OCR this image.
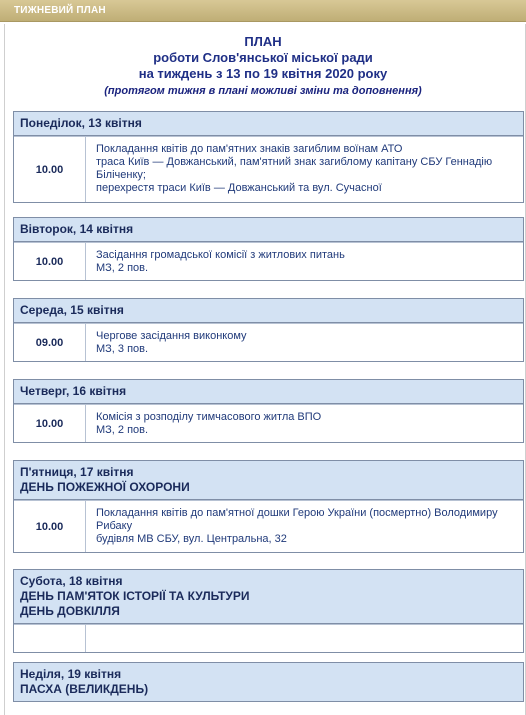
ТИЖНЕВИЙ ПЛАН
ПЛАН
роботи Слов'янської міської ради
на тиждень з 13 по 19 квітня 2020 року
(протягом тижня в плані можливі зміни та доповнення)
Понеділок, 13 квітня
10.00
Покладання квітів до пам'ятних знаків загиблим воїнам АТО
траса Київ — Довжанський, пам'ятний знак загиблому капітану СБУ Геннадію Біліченку;
перехрестя траси Київ — Довжанський та вул. Сучасної
Вівторок, 14 квітня
10.00
Засідання громадської комісії з житлових питань
МЗ, 2 пов.
Середа, 15 квітня
09.00
Чергове засідання виконкому
МЗ, 3 пов.
Четверг, 16 квітня
10.00
Комісія з розподілу тимчасового житла ВПО
МЗ, 2 пов.
П'ятниця, 17 квітня
ДЕНЬ ПОЖЕЖНОЇ ОХОРОНИ
10.00
Покладання квітів до пам'ятної дошки Герою України (посмертно) Володимиру Рибаку
будівля МВ СБУ, вул. Центральна, 32
Субота, 18 квітня
ДЕНЬ ПАМ'ЯТОК ІСТОРІЇ ТА КУЛЬТУРИ
ДЕНЬ ДОВКІЛЛЯ
Неділя, 19 квітня
ПАСХА (ВЕЛИКДЕНЬ)
